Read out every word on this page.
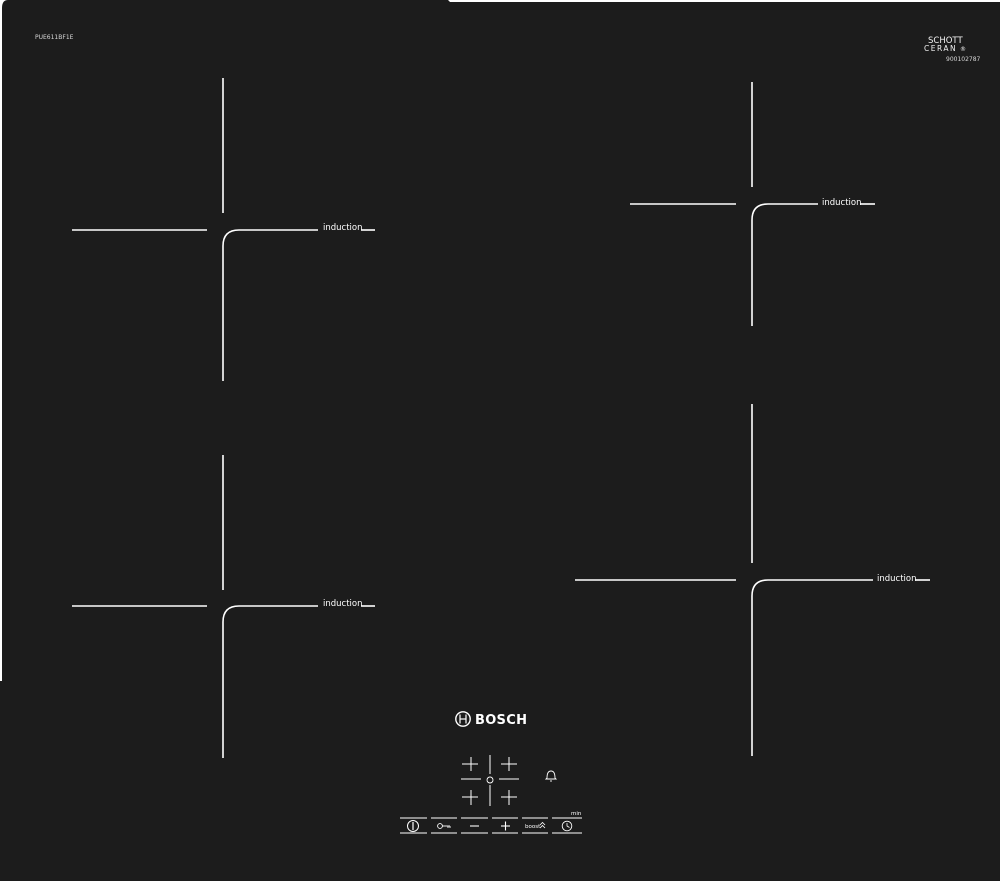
PUE611BF1E	SCHOTT
CERAN ®
900102787
induction
induction
induction
induction
BOSCH
min
boost
